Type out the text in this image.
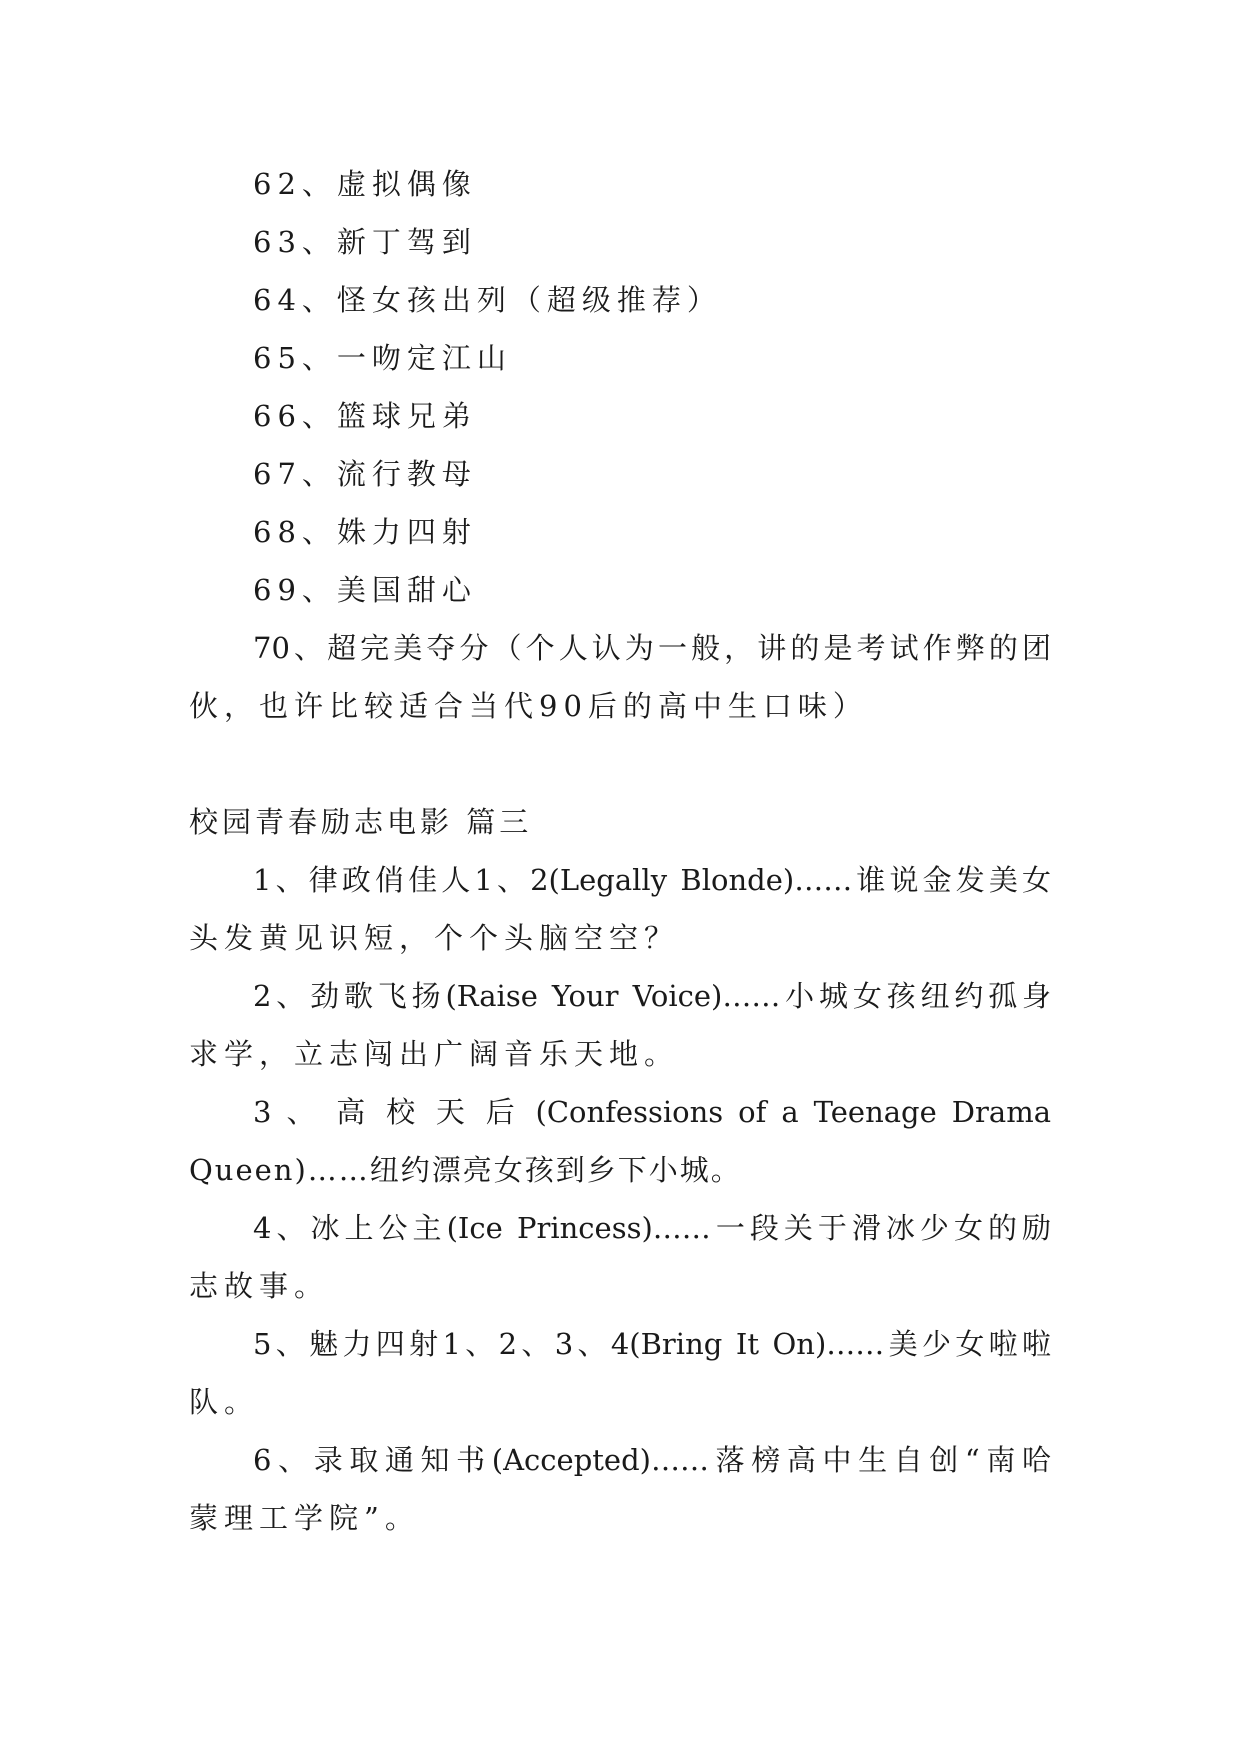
62、虚拟偶像
63、新丁驾到
64、怪女孩出列（超级推荐）
65、一吻定江山
66、篮球兄弟
67、流行教母
68、姝力四射
69、美国甜心
70、超完美夺分（个人认为一般，讲的是考试作弊的团
伙，也许比较适合当代90后的高中生口味）
校园青春励志电影 篇三
1、律政俏佳人1、2(Legally Blonde)……谁说金发美女
头发黄见识短，个个头脑空空？
2、劲歌飞扬(Raise Your Voice)……小城女孩纽约孤身
求学，立志闯出广阔音乐天地。
3 、 高 校 天 后 (Confessions of a Teenage Drama
Queen)……纽约漂亮女孩到乡下小城。
4、冰上公主(Ice Princess)……一段关于滑冰少女的励
志故事。
5、魅力四射1、2、3、4(Bring It On)……美少女啦啦
队。
6、录取通知书(Accepted)……落榜高中生自创“南哈
蒙理工学院”。
